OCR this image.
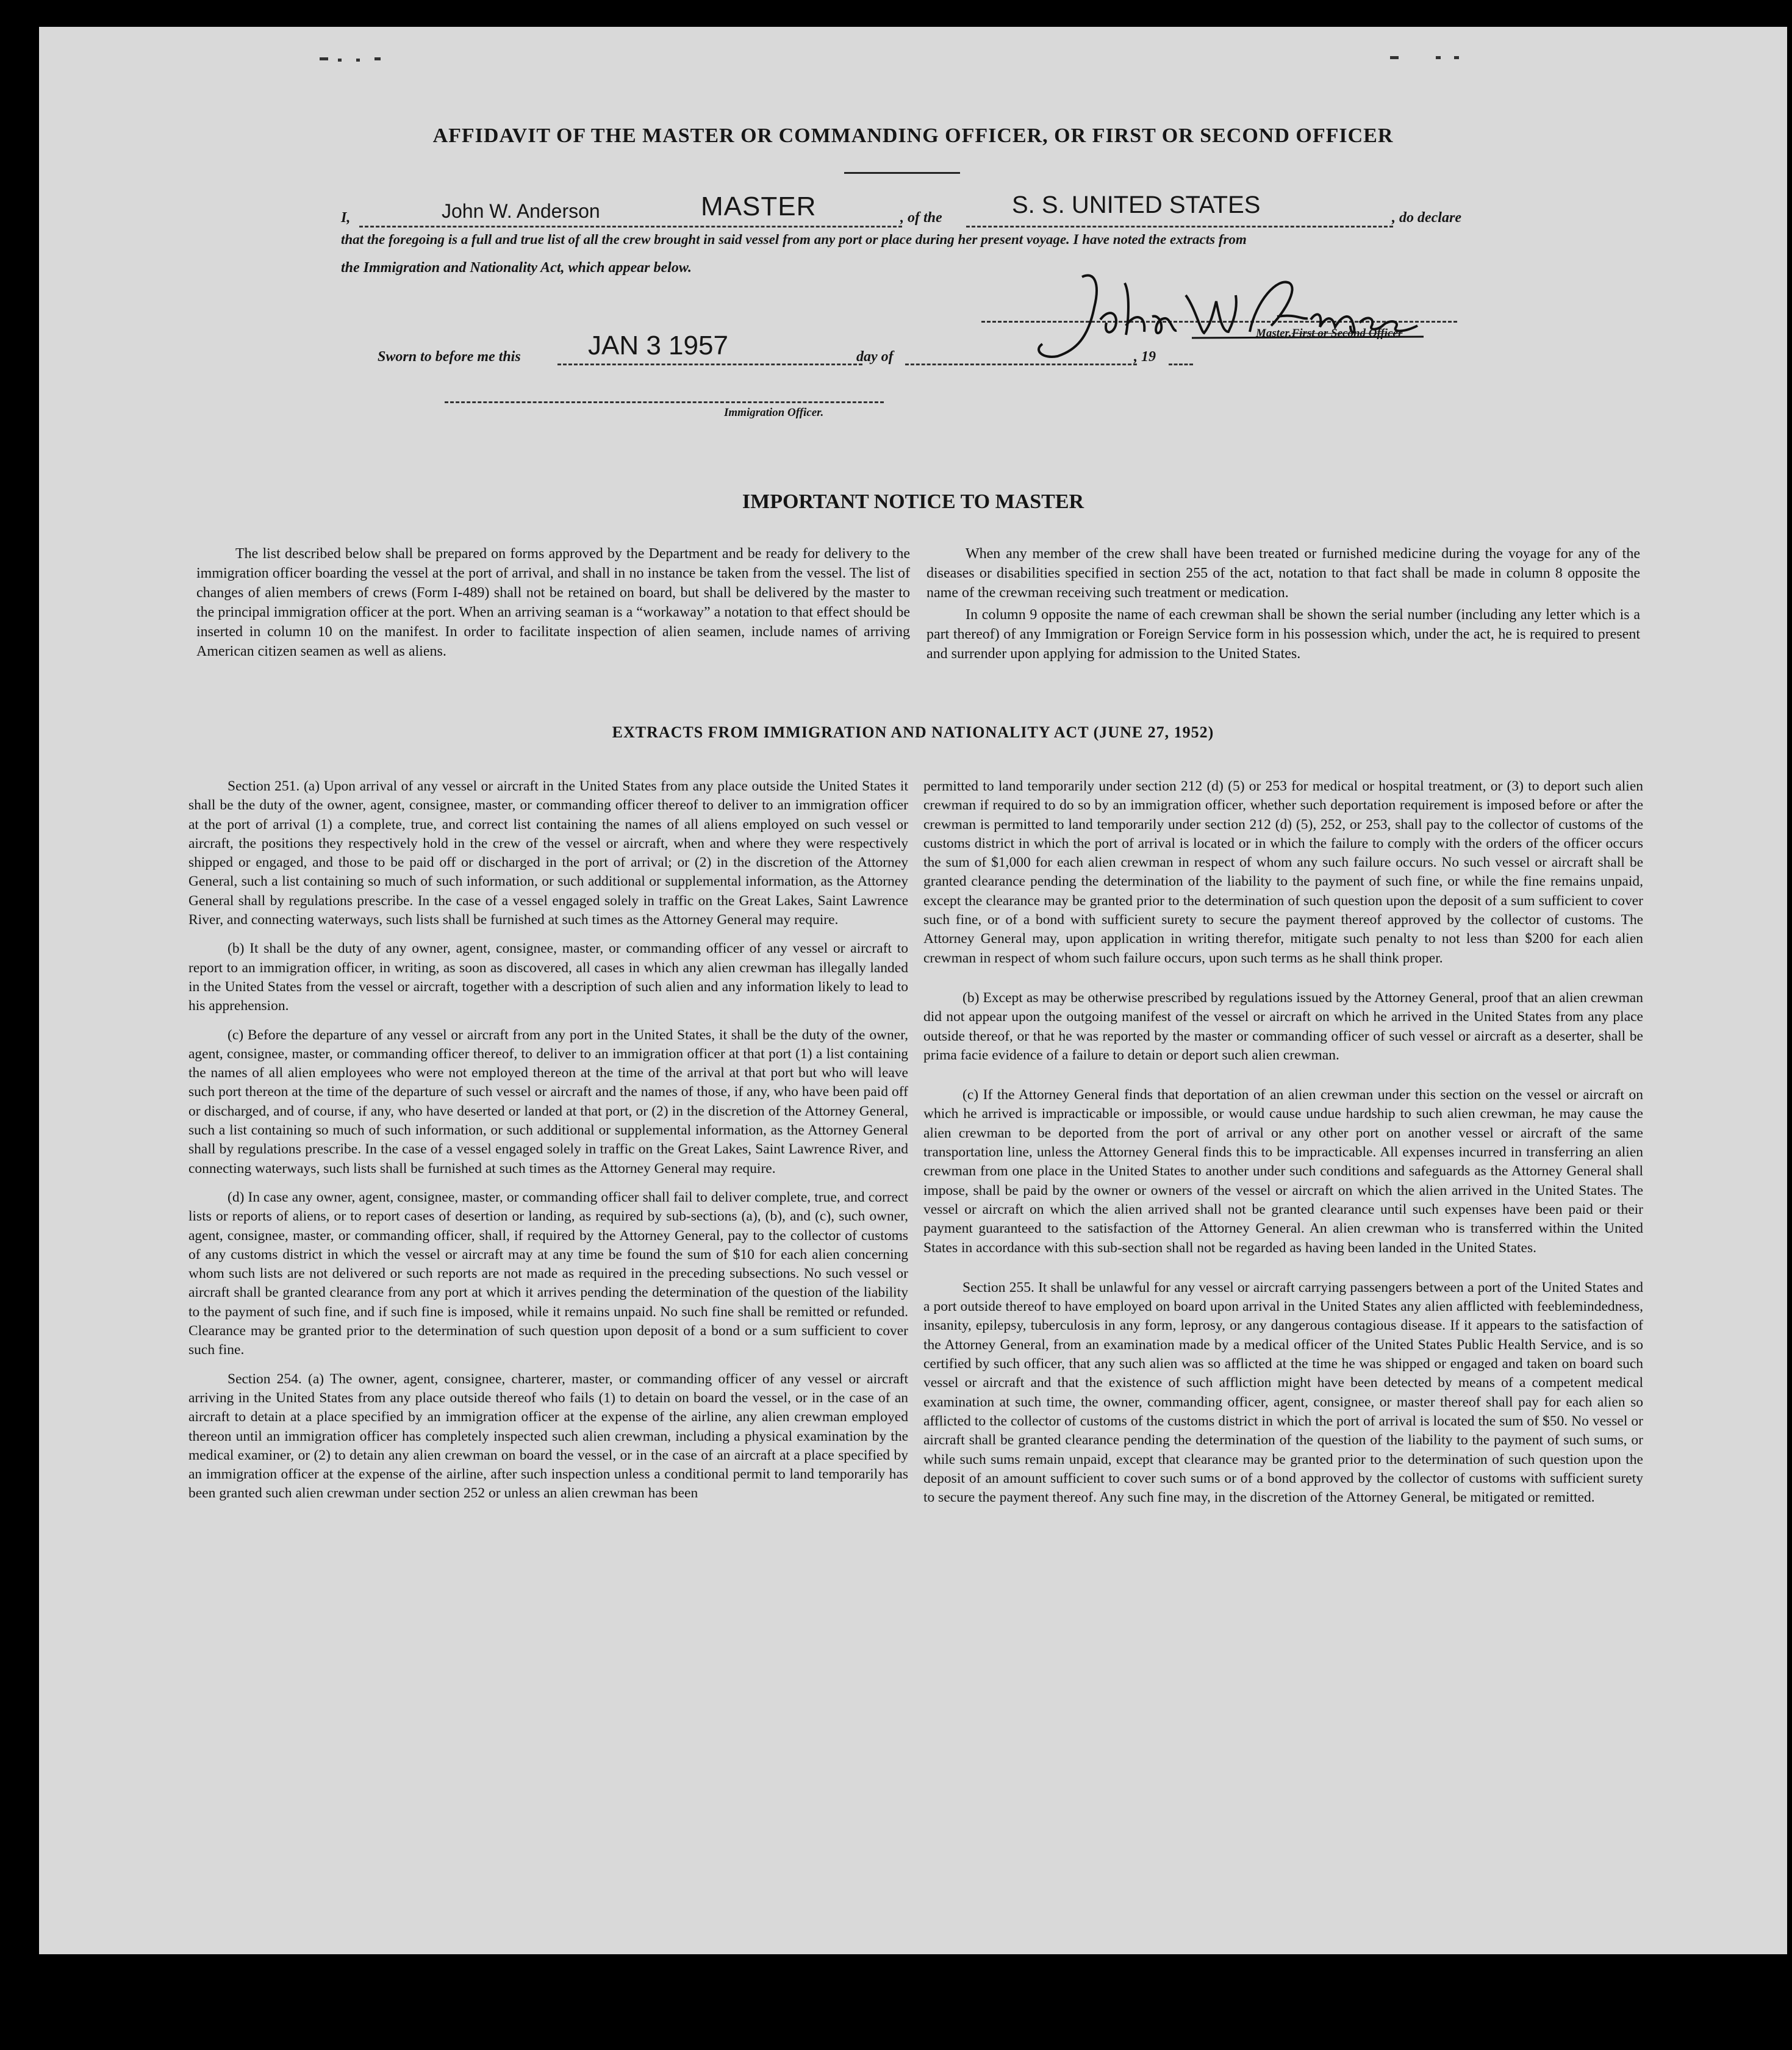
AFFIDAVIT OF THE MASTER OR COMMANDING OFFICER, OR FIRST OR SECOND OFFICER
I,	John W. Anderson	MASTER	, of the	S. S. UNITED STATES	, do declare
that the foregoing is a full and true list of all the crew brought in said vessel from any port or place during her present voyage. I have noted the extracts from
the Immigration and Nationality Act, which appear below.
Master,First or Second Officer
Sworn to before me this	JAN 3 1957	day of	, 19
Immigration Officer.
IMPORTANT NOTICE TO MASTER

The list described below shall be prepared on forms approved by the Department and be ready for delivery to the immigration officer boarding the vessel at the port of arrival, and shall in no instance be taken from the vessel. The list of changes of alien members of crews (Form I-489) shall not be retained on board, but shall be delivered by the master to the principal immigration officer at the port. When an arriving seaman is a “workaway” a notation to that effect should be inserted in column 10 on the manifest. In order to facilitate inspection of alien seamen, include names of arriving American citizen seamen as well as aliens.

When any member of the crew shall have been treated or furnished medicine during the voyage for any of the diseases or disabilities specified in section 255 of the act, notation to that fact shall be made in column 8 opposite the name of the crewman receiving such treatment or medication.

In column 9 opposite the name of each crewman shall be shown the serial number (including any letter which is a part thereof) of any Immigration or Foreign Service form in his possession which, under the act, he is required to present and surrender upon applying for admission to the United States.

EXTRACTS FROM IMMIGRATION AND NATIONALITY ACT (JUNE 27, 1952)

Section 251. (a) Upon arrival of any vessel or aircraft in the United States from any place outside the United States it shall be the duty of the owner, agent, consignee, master, or commanding officer thereof to deliver to an immigration officer at the port of arrival (1) a complete, true, and correct list containing the names of all aliens employed on such vessel or aircraft, the positions they respectively hold in the crew of the vessel or aircraft, when and where they were respectively shipped or engaged, and those to be paid off or discharged in the port of arrival; or (2) in the discretion of the Attorney General, such a list containing so much of such information, or such additional or supplemental information, as the Attorney General shall by regulations prescribe. In the case of a vessel engaged solely in traffic on the Great Lakes, Saint Lawrence River, and connecting waterways, such lists shall be furnished at such times as the Attorney General may require.

(b) It shall be the duty of any owner, agent, consignee, master, or commanding officer of any vessel or aircraft to report to an immigration officer, in writing, as soon as discovered, all cases in which any alien crewman has illegally landed in the United States from the vessel or aircraft, together with a description of such alien and any information likely to lead to his apprehension.

(c) Before the departure of any vessel or aircraft from any port in the United States, it shall be the duty of the owner, agent, consignee, master, or commanding officer thereof, to deliver to an immigration officer at that port (1) a list containing the names of all alien employees who were not employed thereon at the time of the arrival at that port but who will leave such port thereon at the time of the departure of such vessel or aircraft and the names of those, if any, who have been paid off or discharged, and of course, if any, who have deserted or landed at that port, or (2) in the discretion of the Attorney General, such a list containing so much of such information, or such additional or supplemental information, as the Attorney General shall by regulations prescribe. In the case of a vessel engaged solely in traffic on the Great Lakes, Saint Lawrence River, and connecting waterways, such lists shall be furnished at such times as the Attorney General may require.

(d) In case any owner, agent, consignee, master, or commanding officer shall fail to deliver complete, true, and correct lists or reports of aliens, or to report cases of desertion or landing, as required by sub-sections (a), (b), and (c), such owner, agent, consignee, master, or commanding officer, shall, if required by the Attorney General, pay to the collector of customs of any customs district in which the vessel or aircraft may at any time be found the sum of $10 for each alien concerning whom such lists are not delivered or such reports are not made as required in the preceding subsections. No such vessel or aircraft shall be granted clearance from any port at which it arrives pending the determination of the question of the liability to the payment of such fine, and if such fine is imposed, while it remains unpaid. No such fine shall be remitted or refunded. Clearance may be granted prior to the determination of such question upon deposit of a bond or a sum sufficient to cover such fine.

Section 254. (a) The owner, agent, consignee, charterer, master, or commanding officer of any vessel or aircraft arriving in the United States from any place outside thereof who fails (1) to detain on board the vessel, or in the case of an aircraft to detain at a place specified by an immigration officer at the expense of the airline, any alien crewman employed thereon until an immigration officer has completely inspected such alien crewman, including a physical examination by the medical examiner, or (2) to detain any alien crewman on board the vessel, or in the case of an aircraft at a place specified by an immigration officer at the expense of the airline, after such inspection unless a conditional permit to land temporarily has been granted such alien crewman under section 252 or unless an alien crewman has been

permitted to land temporarily under section 212 (d) (5) or 253 for medical or hospital treatment, or (3) to deport such alien crewman if required to do so by an immigration officer, whether such deportation requirement is imposed before or after the crewman is permitted to land temporarily under section 212 (d) (5), 252, or 253, shall pay to the collector of customs of the customs district in which the port of arrival is located or in which the failure to comply with the orders of the officer occurs the sum of $1,000 for each alien crewman in respect of whom any such failure occurs. No such vessel or aircraft shall be granted clearance pending the determination of the liability to the payment of such fine, or while the fine remains unpaid, except the clearance may be granted prior to the determination of such question upon the deposit of a sum sufficient to cover such fine, or of a bond with sufficient surety to secure the payment thereof approved by the collector of customs. The Attorney General may, upon application in writing therefor, mitigate such penalty to not less than $200 for each alien crewman in respect of whom such failure occurs, upon such terms as he shall think proper.

(b) Except as may be otherwise prescribed by regulations issued by the Attorney General, proof that an alien crewman did not appear upon the outgoing manifest of the vessel or aircraft on which he arrived in the United States from any place outside thereof, or that he was reported by the master or commanding officer of such vessel or aircraft as a deserter, shall be prima facie evidence of a failure to detain or deport such alien crewman.

(c) If the Attorney General finds that deportation of an alien crewman under this section on the vessel or aircraft on which he arrived is impracticable or impossible, or would cause undue hardship to such alien crewman, he may cause the alien crewman to be deported from the port of arrival or any other port on another vessel or aircraft of the same transportation line, unless the Attorney General finds this to be impracticable. All expenses incurred in transferring an alien crewman from one place in the United States to another under such conditions and safeguards as the Attorney General shall impose, shall be paid by the owner or owners of the vessel or aircraft on which the alien arrived in the United States. The vessel or aircraft on which the alien arrived shall not be granted clearance until such expenses have been paid or their payment guaranteed to the satisfaction of the Attorney General. An alien crewman who is transferred within the United States in accordance with this sub-section shall not be regarded as having been landed in the United States.

Section 255. It shall be unlawful for any vessel or aircraft carrying passengers between a port of the United States and a port outside thereof to have employed on board upon arrival in the United States any alien afflicted with feeblemindedness, insanity, epilepsy, tuberculosis in any form, leprosy, or any dangerous contagious disease. If it appears to the satisfaction of the Attorney General, from an examination made by a medical officer of the United States Public Health Service, and is so certified by such officer, that any such alien was so afflicted at the time he was shipped or engaged and taken on board such vessel or aircraft and that the existence of such affliction might have been detected by means of a competent medical examination at such time, the owner, commanding officer, agent, consignee, or master thereof shall pay for each alien so afflicted to the collector of customs of the customs district in which the port of arrival is located the sum of $50. No vessel or aircraft shall be granted clearance pending the determination of the question of the liability to the payment of such sums, or while such sums remain unpaid, except that clearance may be granted prior to the determination of such question upon the deposit of an amount sufficient to cover such sums or of a bond approved by the collector of customs with sufficient surety to secure the payment thereof. Any such fine may, in the discretion of the Attorney General, be mitigated or remitted.
